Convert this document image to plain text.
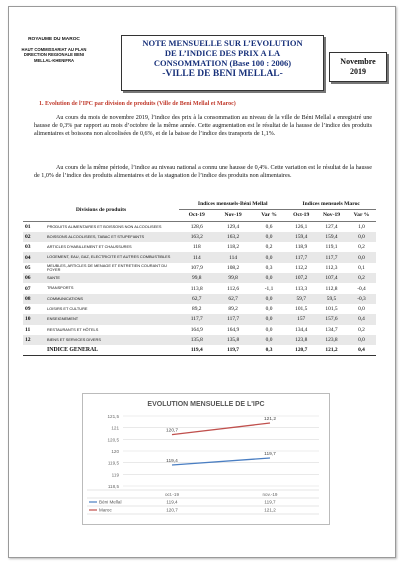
ROYAUME DU MAROC
HAUT COMMISSARIAT AU PLAN
DIRECTION REGIONALE BENI
MELLAL-KHENIFRA
NOTE MENSUELLE SUR L’EVOLUTION
DE L’INDICE DES PRIX A LA
CONSOMMATION (Base 100 : 2006)
-VILLE DE BENI MELLAL-
Novembre
2019
1. Evolution de l’IPC par division de produits (Ville de Beni Mellal et Maroc)
Au cours du mois de novembre 2019, l’indice des prix à la consommation au niveau de la ville de Béni Mellal a enregistré une hausse de 0,3% par rapport au mois d’octobre de la même année. Cette augmentation est le résultat de la hausse de l’indice des produits alimentaires et boissons non alcoolisées de 0,6%, et de la baisse de l’indice des transports de 1,1%.
Au cours de la même période, l’indice au niveau national a connu une hausse de 0,4%. Cette variation est le résultat de la hausse de 1,0% de l’indice des produits alimentaires et de la stagnation de l’indice des produits non alimentaires.
Divisions de produits		Indices mensuels-Béni Mellal			Indices mensuels Maroc		
		Oct-19	Nov-19	Var %	Oct-19	Nov-19	Var %
01	PRODUITS ALIMENTAIRES ET BOISSONS NON ALCOOLISEES	128,6	129,4	0,6	126,1	127,4	1,0
02	BOISSONS ALCOOLISEES, TABAC ET STUPEFIANTS	163,2	163,2	0,0	159,4	159,4	0,0
03	ARTICLES D'HABILLEMENT ET CHAUSSURES	118	118,2	0,2	118,9	119,1	0,2
04	LOGEMENT, EAU, GAZ, ELECTRICITE ET AUTRES COMBUSTIBLES	114	114	0,0	117,7	117,7	0,0
05	MEUBLES, ARTICLES DE MENAGE ET ENTRETIEN COURANT DU FOYER	107,9	108,2	0,3	112,2	112,3	0,1
06	SANTE	99,8	99,8	0,0	107,2	107,4	0,2
07	TRANSPORTS	113,8	112,6	-1,1	113,3	112,8	-0,4
08	COMMUNICATIONS	62,7	62,7	0,0	59,7	59,5	-0,3
09	LOISIRS ET CULTURE	89,2	89,2	0,0	101,5	101,5	0,0
10	ENSEIGNEMENT	117,7	117,7	0,0	157	157,6	0,4
11	RESTAURANTS ET HÔTELS	164,9	164,9	0,0	134,4	134,7	0,2
12	BIENS ET SERVICES DIVERS	135,8	135,8	0,0	123,8	123,8	0,0
	INDICE GENERAL	119,4	119,7	0,3	120,7	121,2	0,4
EVOLUTION MENSUELLE DE L'IPC
118,5
119
119,5
120
120,5
121
121,5
119,4
119,7
120,7
121,2
oct.-19	nov.-19
Béni Mellal	119,4	119,7
Maroc	120,7	121,2
